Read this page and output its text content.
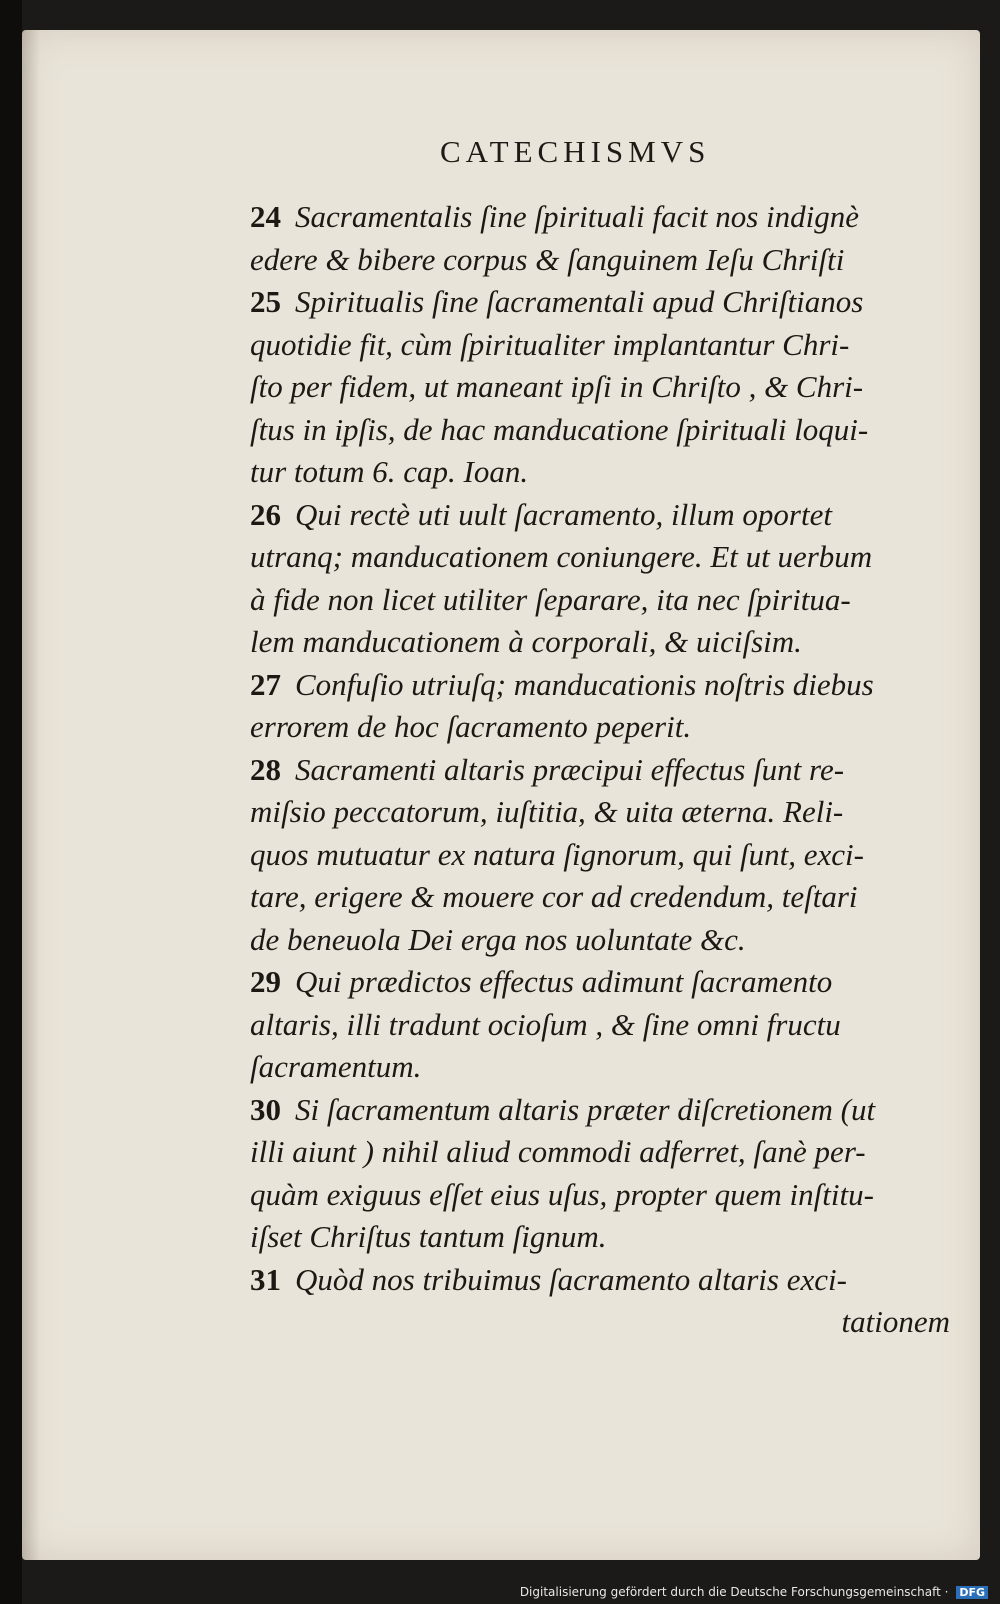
CATECHISMVS
24 Sacramentalis ſine ſpirituali facit nos indignè
edere & bibere corpus & ſanguinem Ieſu Chriſti
25 Spiritualis ſine ſacramentali apud Chriſtianos
quotidie fit, cùm ſpiritualiter implantantur Chri-
ſto per fidem, ut maneant ipſi in Chriſto , & Chri-
ſtus in ipſis, de hac manducatione ſpirituali loqui-
tur totum 6. cap. Ioan.
26 Qui rectè uti uult ſacramento, illum oportet
utranq; manducationem coniungere. Et ut uerbum
à fide non licet utiliter ſeparare, ita nec ſpiritua-
lem manducationem à corporali, & uiciſsim.
27 Confuſio utriuſq; manducationis noſtris diebus
errorem de hoc ſacramento peperit.
28 Sacramenti altaris præcipui effectus ſunt re-
miſsio peccatorum, iuſtitia, & uita æterna. Reli-
quos mutuatur ex natura ſignorum, qui ſunt, exci-
tare, erigere & mouere cor ad credendum, teſtari
de beneuola Dei erga nos uoluntate &c.
29 Qui prædictos effectus adimunt ſacramento
altaris, illi tradunt ocioſum , & ſine omni fructu
ſacramentum.
30 Si ſacramentum altaris præter diſcretionem (ut
illi aiunt ) nihil aliud commodi adferret, ſanè per-
quàm exiguus eſſet eius uſus, propter quem inſtitu-
iſset Chriſtus tantum ſignum.
31 Quòd nos tribuimus ſacramento altaris exci-
tationem
Digitalisierung gefördert durch die Deutsche Forschungsgemeinschaft · DFG
